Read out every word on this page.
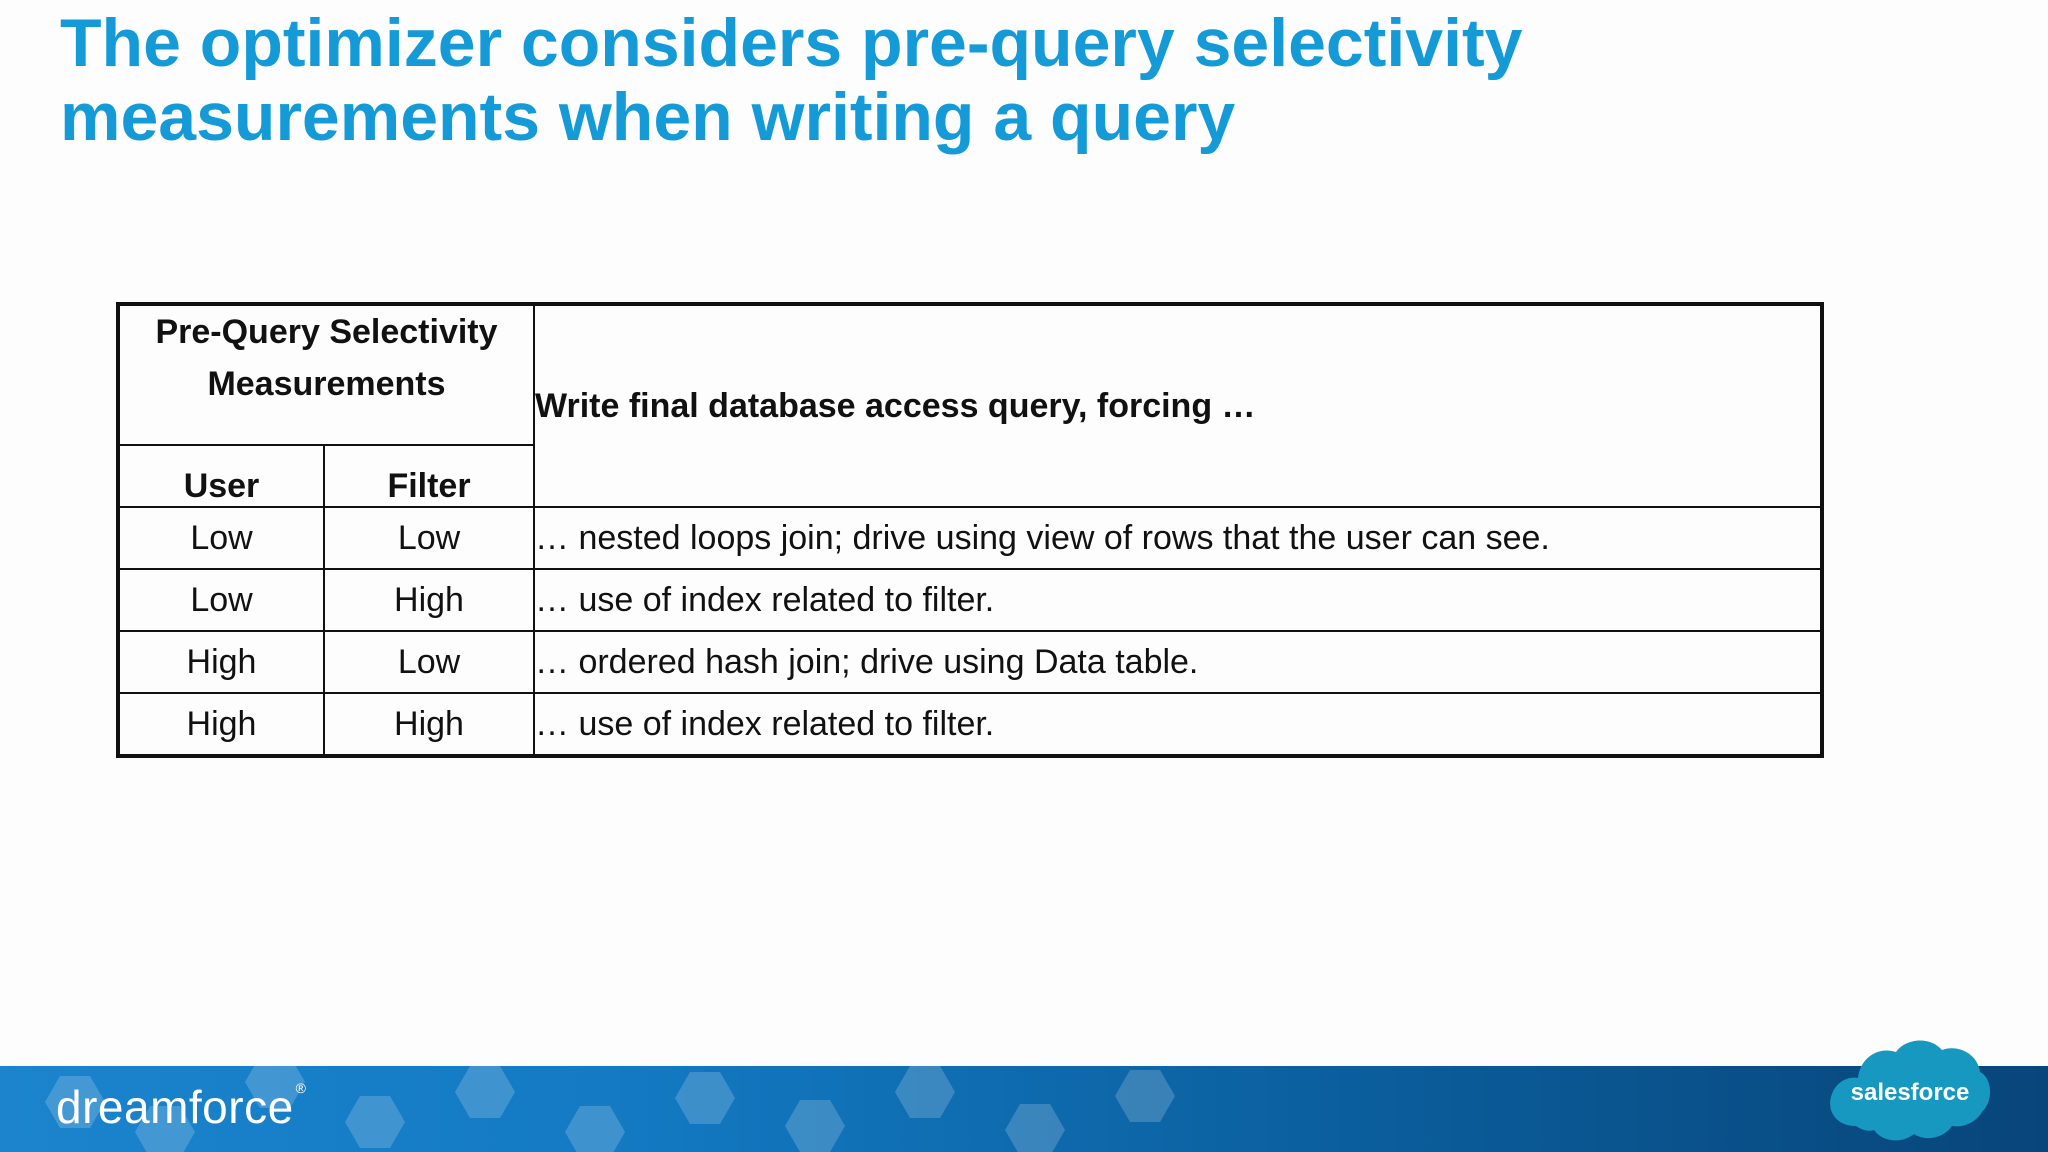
The optimizer considers pre-query selectivity
measurements when writing a query
Pre-Query Selectivity
Measurements		Write final database access query, forcing …
User	Filter	
Low	Low	… nested loops join; drive using view of rows that the user can see.
Low	High	… use of index related to filter.
High	Low	… ordered hash join; drive using Data table.
High	High	… use of index related to filter.
dreamforce ®	salesforce
